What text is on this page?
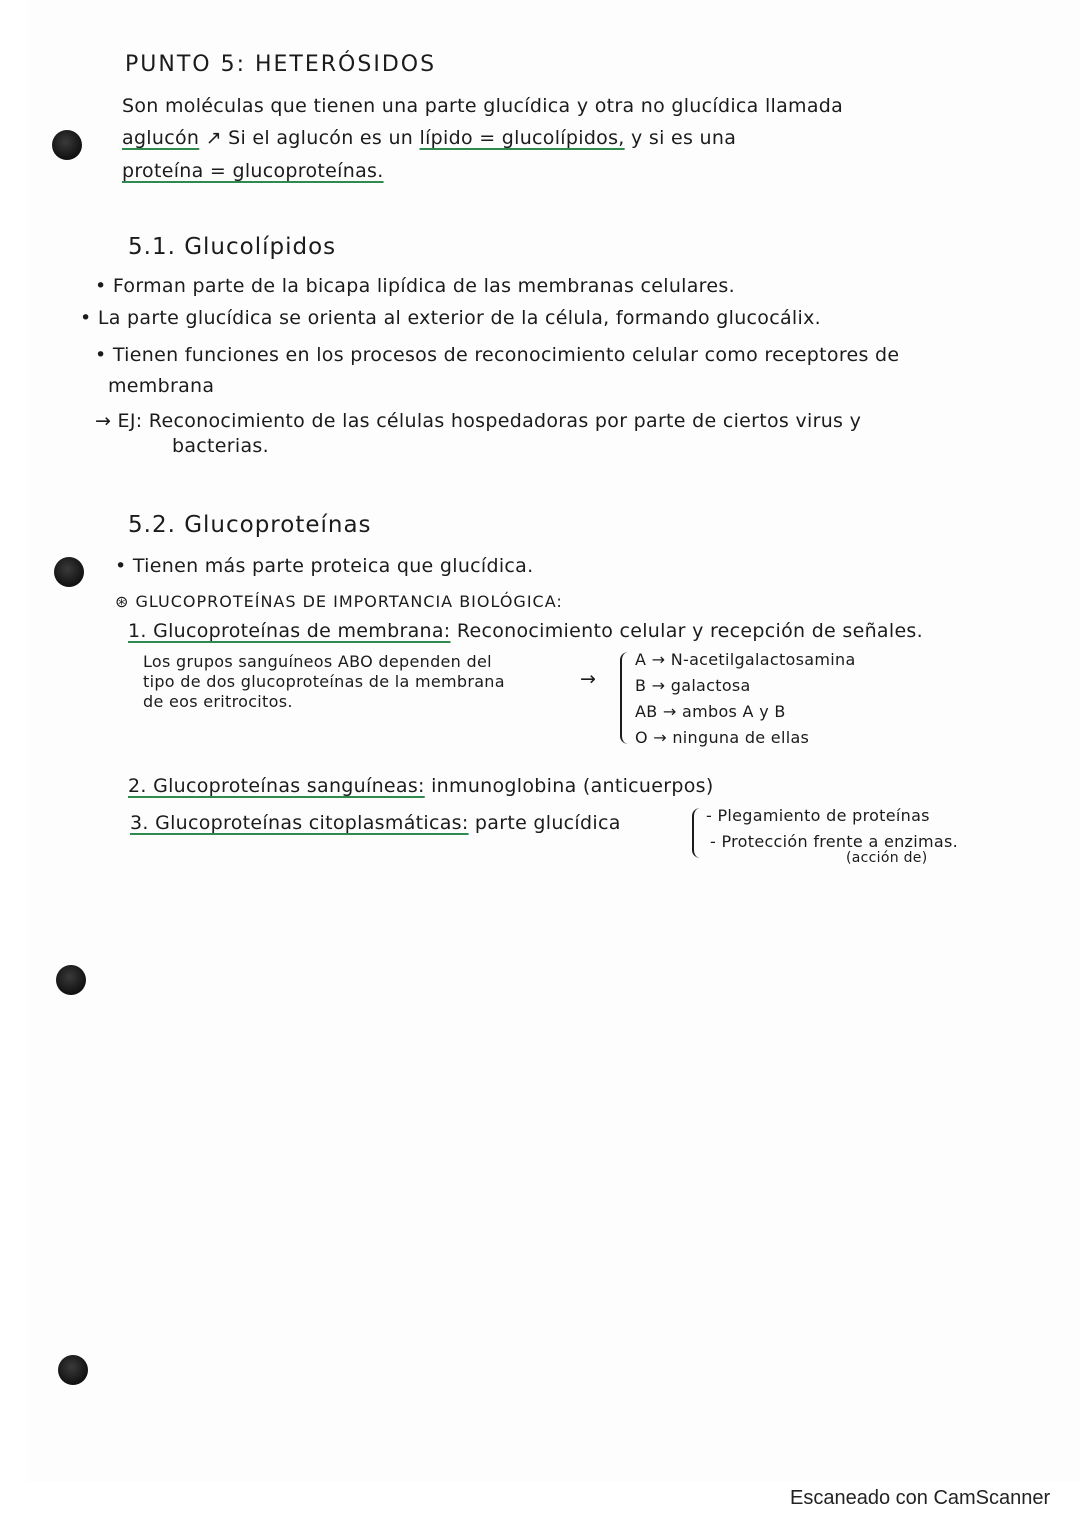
PUNTO 5: HETERÓSIDOS
Son moléculas que tienen una parte glucídica y otra no glucídica llamada
aglucón ↗ Si el aglucón es un lípido = glucolípidos, y si es una
proteína = glucoproteínas.
5.1. Glucolípidos
• Forman parte de la bicapa lipídica de las membranas celulares.
• La parte glucídica se orienta al exterior de la célula, formando glucocálix.
• Tienen funciones en los procesos de reconocimiento celular como receptores de
membrana
→ EJ: Reconocimiento de las células hospedadoras por parte de ciertos virus y
bacterias.
5.2. Glucoproteínas
• Tienen más parte proteica que glucídica.
⊛ GLUCOPROTEÍNAS DE IMPORTANCIA BIOLÓGICA:
1. Glucoproteínas de membrana: Reconocimiento celular y recepción de señales.
Los grupos sanguíneos ABO dependen del
tipo de dos glucoproteínas de la membrana
de eos eritrocitos.
→
A → N-acetilgalactosamina
B → galactosa
AB → ambos A y B
O → ninguna de ellas
2. Glucoproteínas sanguíneas: inmunoglobina (anticuerpos)
3. Glucoproteínas citoplasmáticas: parte glucídica	- Plegamiento de proteínas
- Protección frente a enzimas.
(acción de)
Escaneado con CamScanner
